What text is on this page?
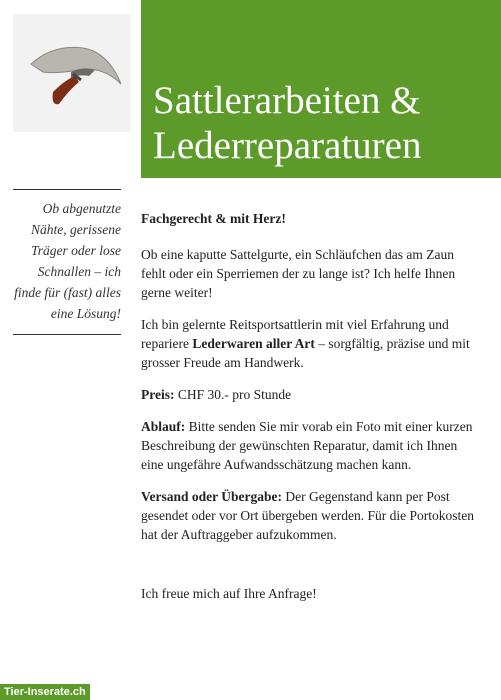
Sattlerarbeiten &
Lederreparaturen

Ob abgenutzte Nähte, gerissene Träger oder lose Schnallen – ich finde für (fast) alles eine Lösung!

Fachgerecht & mit Herz!

Ob eine kaputte Sattelgurte, ein Schläufchen das am Zaun fehlt oder ein Sperriemen der zu lange ist? Ich helfe Ihnen gerne weiter!

Ich bin gelernte Reitsportsattlerin mit viel Erfahrung und repariere Lederwaren aller Art – sorgfältig, präzise und mit grosser Freude am Handwerk.

Preis: CHF 30.- pro Stunde

Ablauf: Bitte senden Sie mir vorab ein Foto mit einer kurzen Beschreibung der gewünschten Reparatur, damit ich Ihnen eine ungefähre Aufwandsschätzung machen kann.

Versand oder Übergabe: Der Gegenstand kann per Post gesendet oder vor Ort übergeben werden. Für die Portokosten hat der Auftraggeber aufzukommen.

Ich freue mich auf Ihre Anfrage!

Tier-Inserate.ch
